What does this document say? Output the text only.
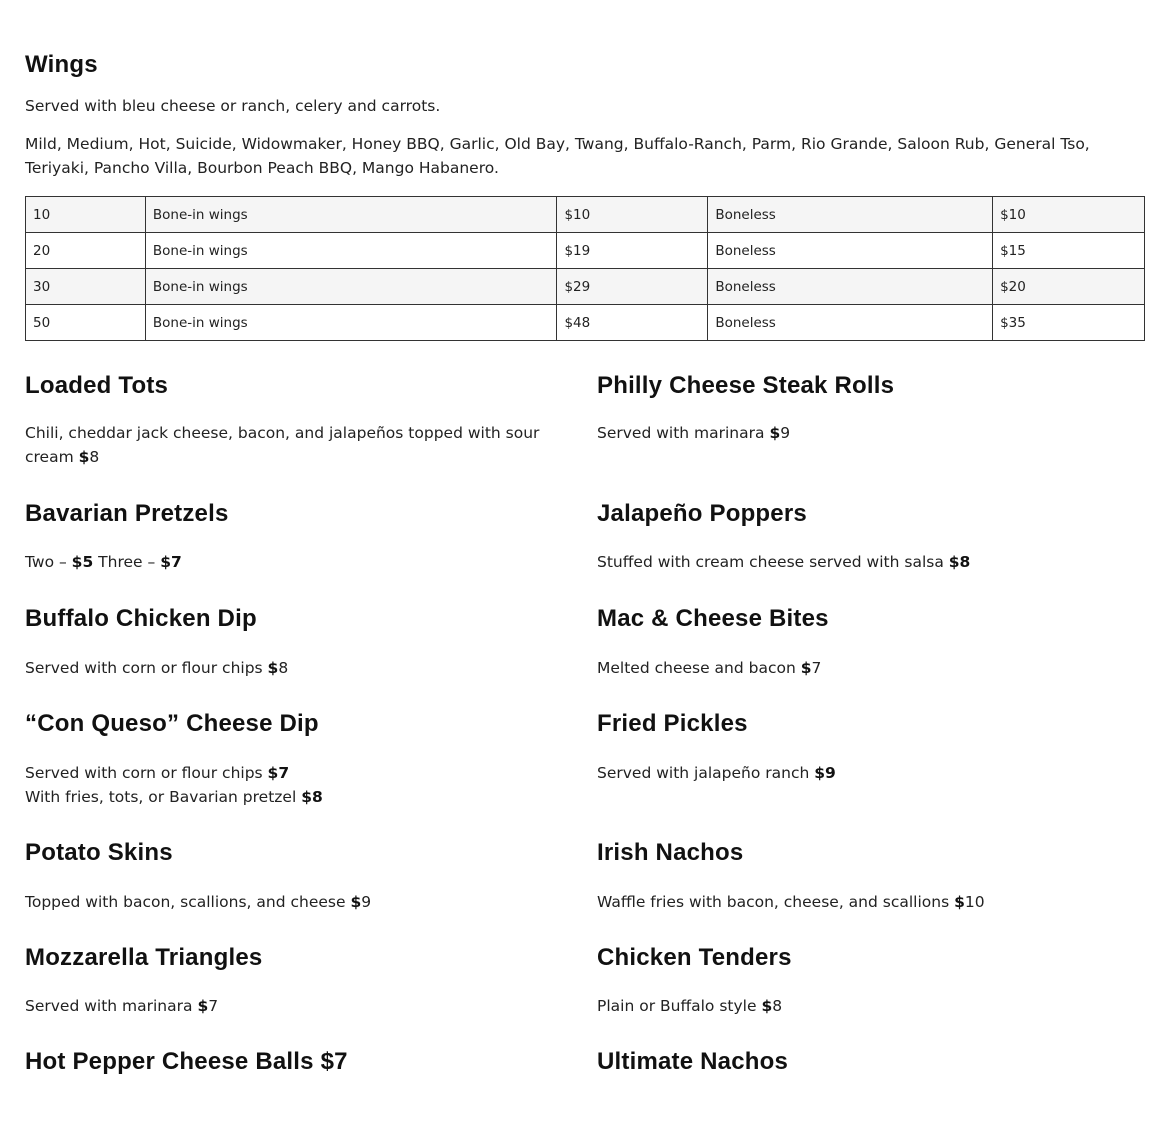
Wings

Served with bleu cheese or ranch, celery and carrots.

Mild, Medium, Hot, Suicide, Widowmaker, Honey BBQ, Garlic, Old Bay, Twang, Buffalo-Ranch, Parm, Rio Grande, Saloon Rub, General Tso, Teriyaki, Pancho Villa, Bourbon Peach BBQ, Mango Habanero.

10	Bone-in wings	$10	Boneless	$10
20	Bone-in wings	$19	Boneless	$15
30	Bone-in wings	$29	Boneless	$20
50	Bone-in wings	$48	Boneless	$35
Loaded Tots

Chili, cheddar jack cheese, bacon, and jalapeños topped with sour cream $8

Philly Cheese Steak Rolls

Served with marinara $9

Bavarian Pretzels

Two – $5 Three – $7

Jalapeño Poppers

Stuffed with cream cheese served with salsa $8

Buffalo Chicken Dip

Served with corn or flour chips $8

Mac & Cheese Bites

Melted cheese and bacon $7

“Con Queso” Cheese Dip

Served with corn or flour chips $7
With fries, tots, or Bavarian pretzel $8

Fried Pickles

Served with jalapeño ranch $9

Potato Skins

Topped with bacon, scallions, and cheese $9

Irish Nachos

Waffle fries with bacon, cheese, and scallions $10

Mozzarella Triangles

Served with marinara $7

Chicken Tenders

Plain or Buffalo style $8

Hot Pepper Cheese Balls $7	Ultimate Nachos
